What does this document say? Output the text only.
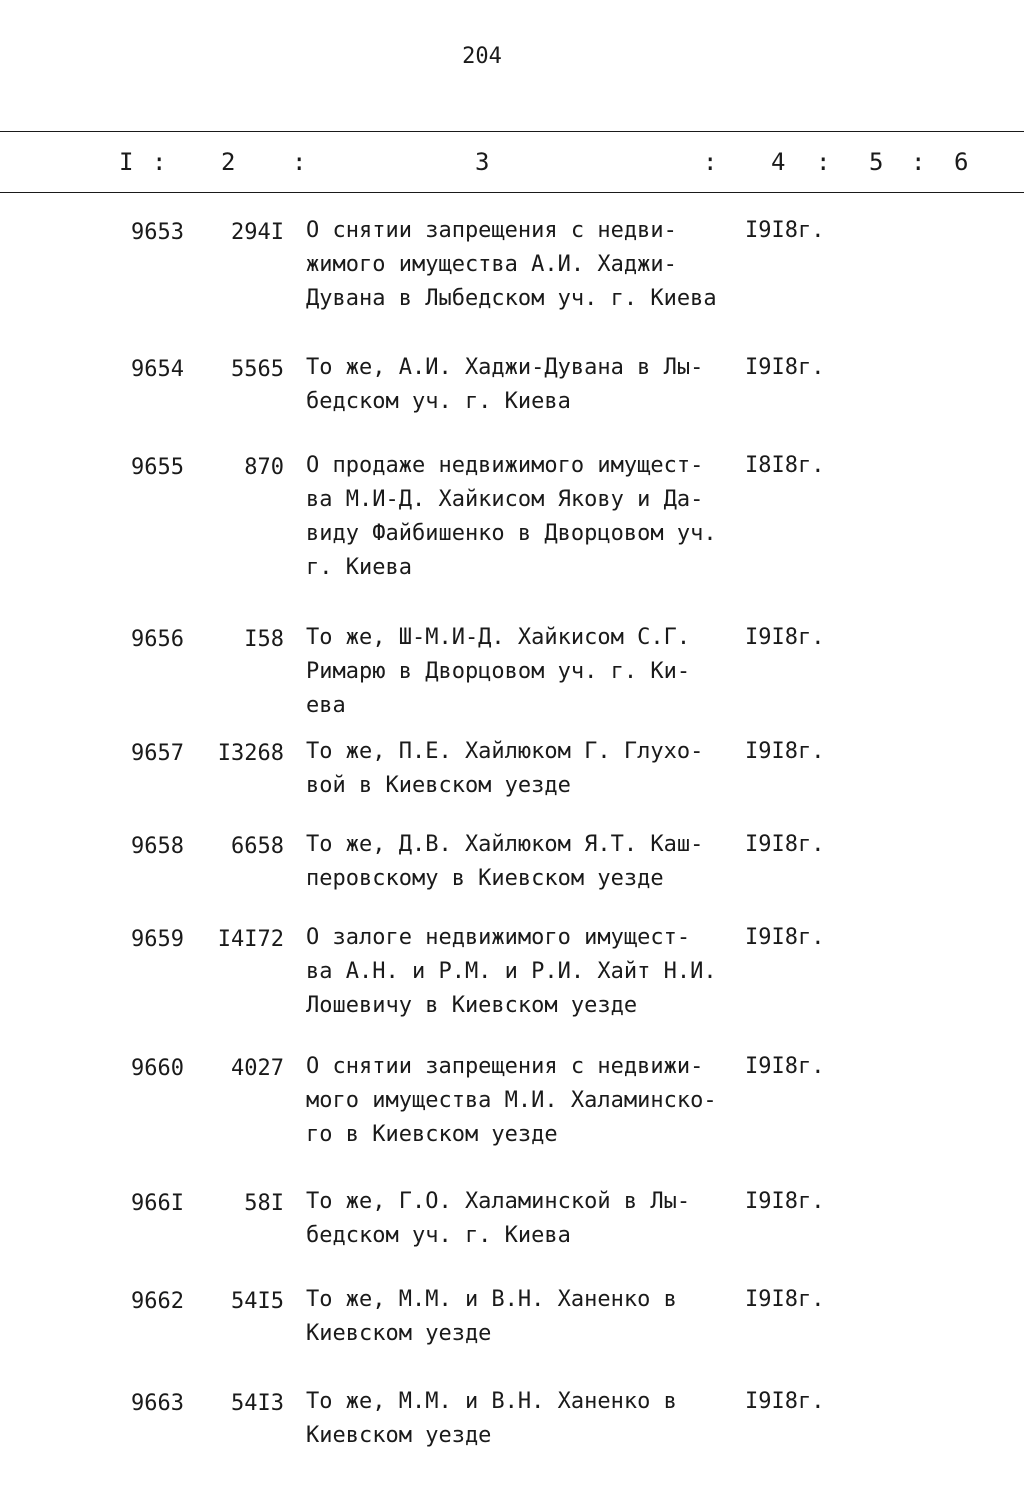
204
I : 2 :	3	: 4 : 5 : 6
9653	294I О снятии запрещения с недви-
жимого имущества А.И. Хаджи-
Дувана в Лыбедском уч. г. Киева
I9I8г.
9654	5565 То же, А.И. Хаджи-Дувана в Лы-
бедском уч. г. Киева
I9I8г.
9655	870 О продаже недвижимого имущест-
ва М.И-Д. Хайкисом Якову и Да-
виду Файбишенко в Дворцовом уч.
г. Киева
I8I8г.
9656	I58 То же, Ш-М.И-Д. Хайкисом С.Г.
Римарю в Дворцовом уч. г. Ки-
ева
I9I8г.
9657	I3268 То же, П.Е. Хайлюком Г. Глухо-
вой в Киевском уезде
I9I8г.
9658	6658 То же, Д.В. Хайлюком Я.Т. Каш-
перовскому в Киевском уезде
I9I8г.
9659	I4I72 О залоге недвижимого имущест-
ва А.Н. и Р.М. и Р.И. Хайт Н.И.
Лошевичу в Киевском уезде
I9I8г.
9660	4027 О снятии запрещения с недвижи-
мого имущества М.И. Халаминско-
го в Киевском уезде
I9I8г.
966I	58I То же, Г.О. Халаминской в Лы-
бедском уч. г. Киева
I9I8г.
9662	54I5 То же, М.М. и В.Н. Ханенко в
Киевском уезде
I9I8г.
9663	54I3 То же, М.М. и В.Н. Ханенко в
Киевском уезде
I9I8г.
